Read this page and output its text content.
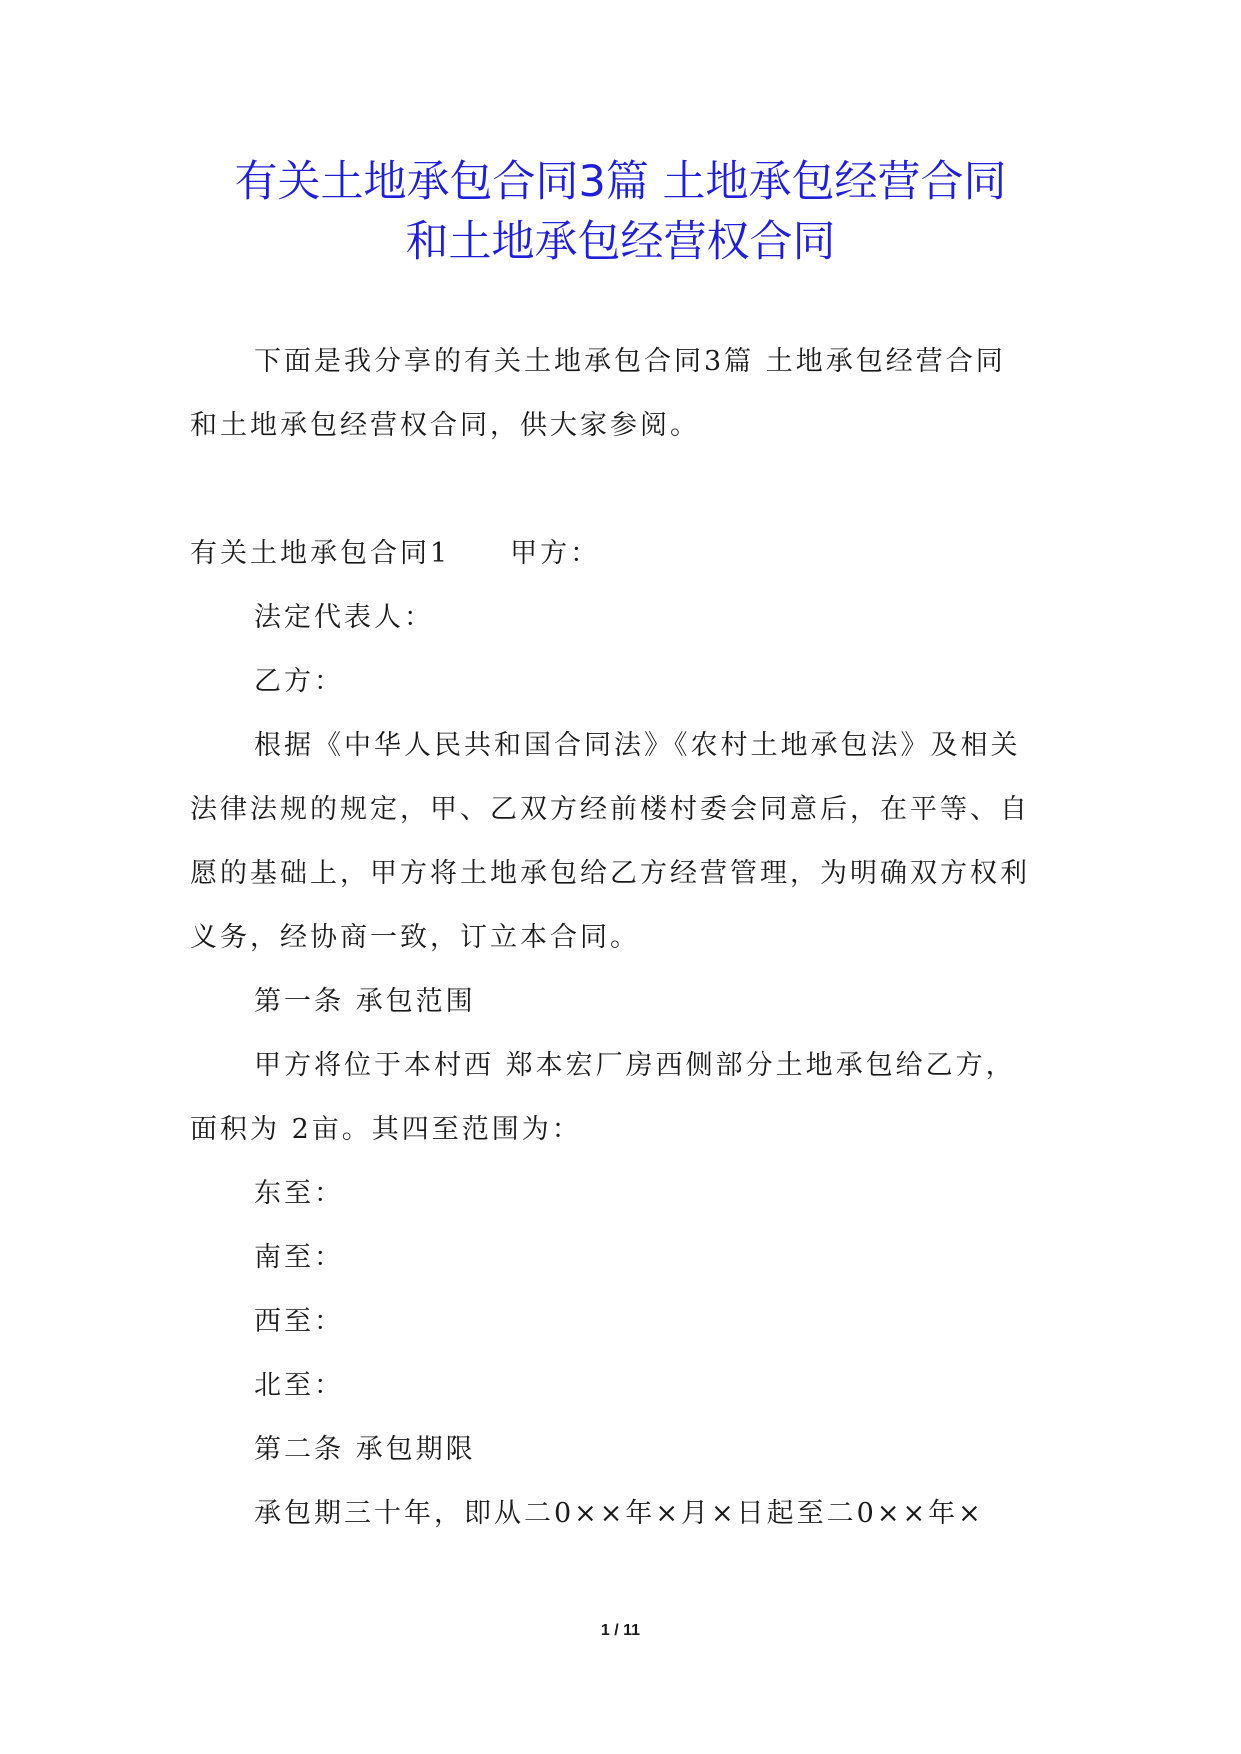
有关土地承包合同3篇 土地承包经营合同
和土地承包经营权合同

下面是我分享的有关土地承包合同3篇 土地承包经营合同

和土地承包经营权合同，供大家参阅。

有关土地承包合同1　　甲方：

法定代表人：

乙方：

根据《中华人民共和国合同法》《农村土地承包法》及相关

法律法规的规定，甲、乙双方经前楼村委会同意后，在平等、自

愿的基础上，甲方将土地承包给乙方经营管理，为明确双方权利

义务，经协商一致，订立本合同。

第一条 承包范围

甲方将位于本村西 郑本宏厂房西侧部分土地承包给乙方，

面积为 2亩。其四至范围为：

东至：

南至：

西至：

北至：

第二条 承包期限

承包期三十年，即从二0××年×月×日起至二0××年×

1 / 11
